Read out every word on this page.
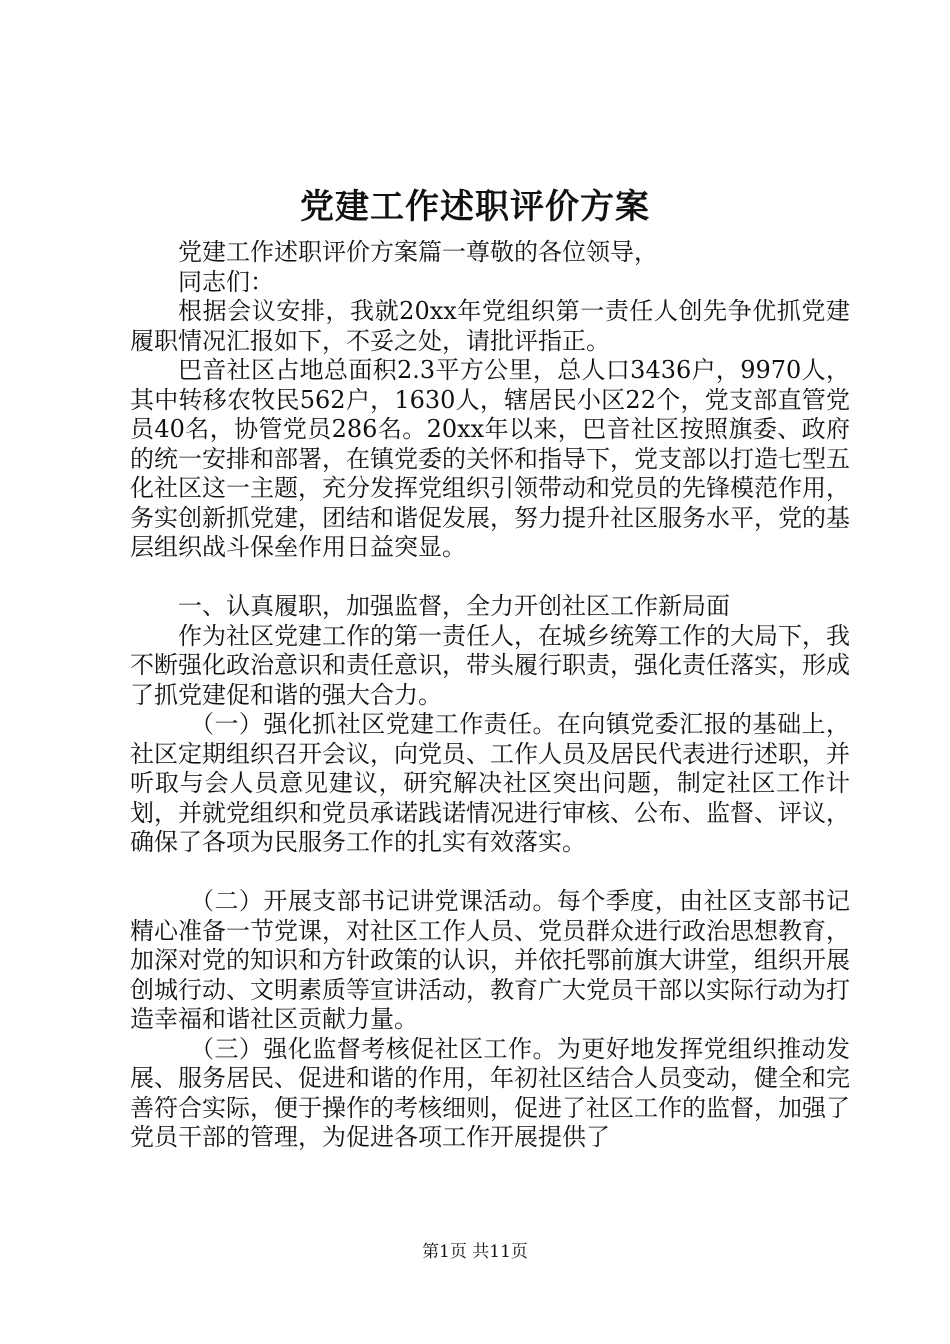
党建工作述职评价方案

党建工作述职评价方案篇一尊敬的各位领导，

同志们：

根据会议安排，我就20xx年党组织第一责任人创先争优抓党建履职情况汇报如下，不妥之处，请批评指正。

巴音社区占地总面积2.3平方公里，总人口3436户，9970人，其中转移农牧民562户，1630人，辖居民小区22个，党支部直管党员40名，协管党员286名。20xx年以来，巴音社区按照旗委、政府的统一安排和部署，在镇党委的关怀和指导下，党支部以打造七型五化社区这一主题，充分发挥党组织引领带动和党员的先锋模范作用，务实创新抓党建，团结和谐促发展，努力提升社区服务水平，党的基层组织战斗保垒作用日益突显。

一、认真履职，加强监督，全力开创社区工作新局面

作为社区党建工作的第一责任人，在城乡统筹工作的大局下，我不断强化政治意识和责任意识，带头履行职责，强化责任落实，形成了抓党建促和谐的强大合力。

（一）强化抓社区党建工作责任。在向镇党委汇报的基础上，社区定期组织召开会议，向党员、工作人员及居民代表进行述职，并听取与会人员意见建议，研究解决社区突出问题，制定社区工作计划，并就党组织和党员承诺践诺情况进行审核、公布、监督、评议，确保了各项为民服务工作的扎实有效落实。

（二）开展支部书记讲党课活动。每个季度，由社区支部书记精心准备一节党课，对社区工作人员、党员群众进行政治思想教育，加深对党的知识和方针政策的认识，并依托鄂前旗大讲堂，组织开展创城行动、文明素质等宣讲活动，教育广大党员干部以实际行动为打造幸福和谐社区贡献力量。

（三）强化监督考核促社区工作。为更好地发挥党组织推动发展、服务居民、促进和谐的作用，年初社区结合人员变动，健全和完善符合实际，便于操作的考核细则，促进了社区工作的监督，加强了党员干部的管理，为促进各项工作开展提供了

第1页 共11页
